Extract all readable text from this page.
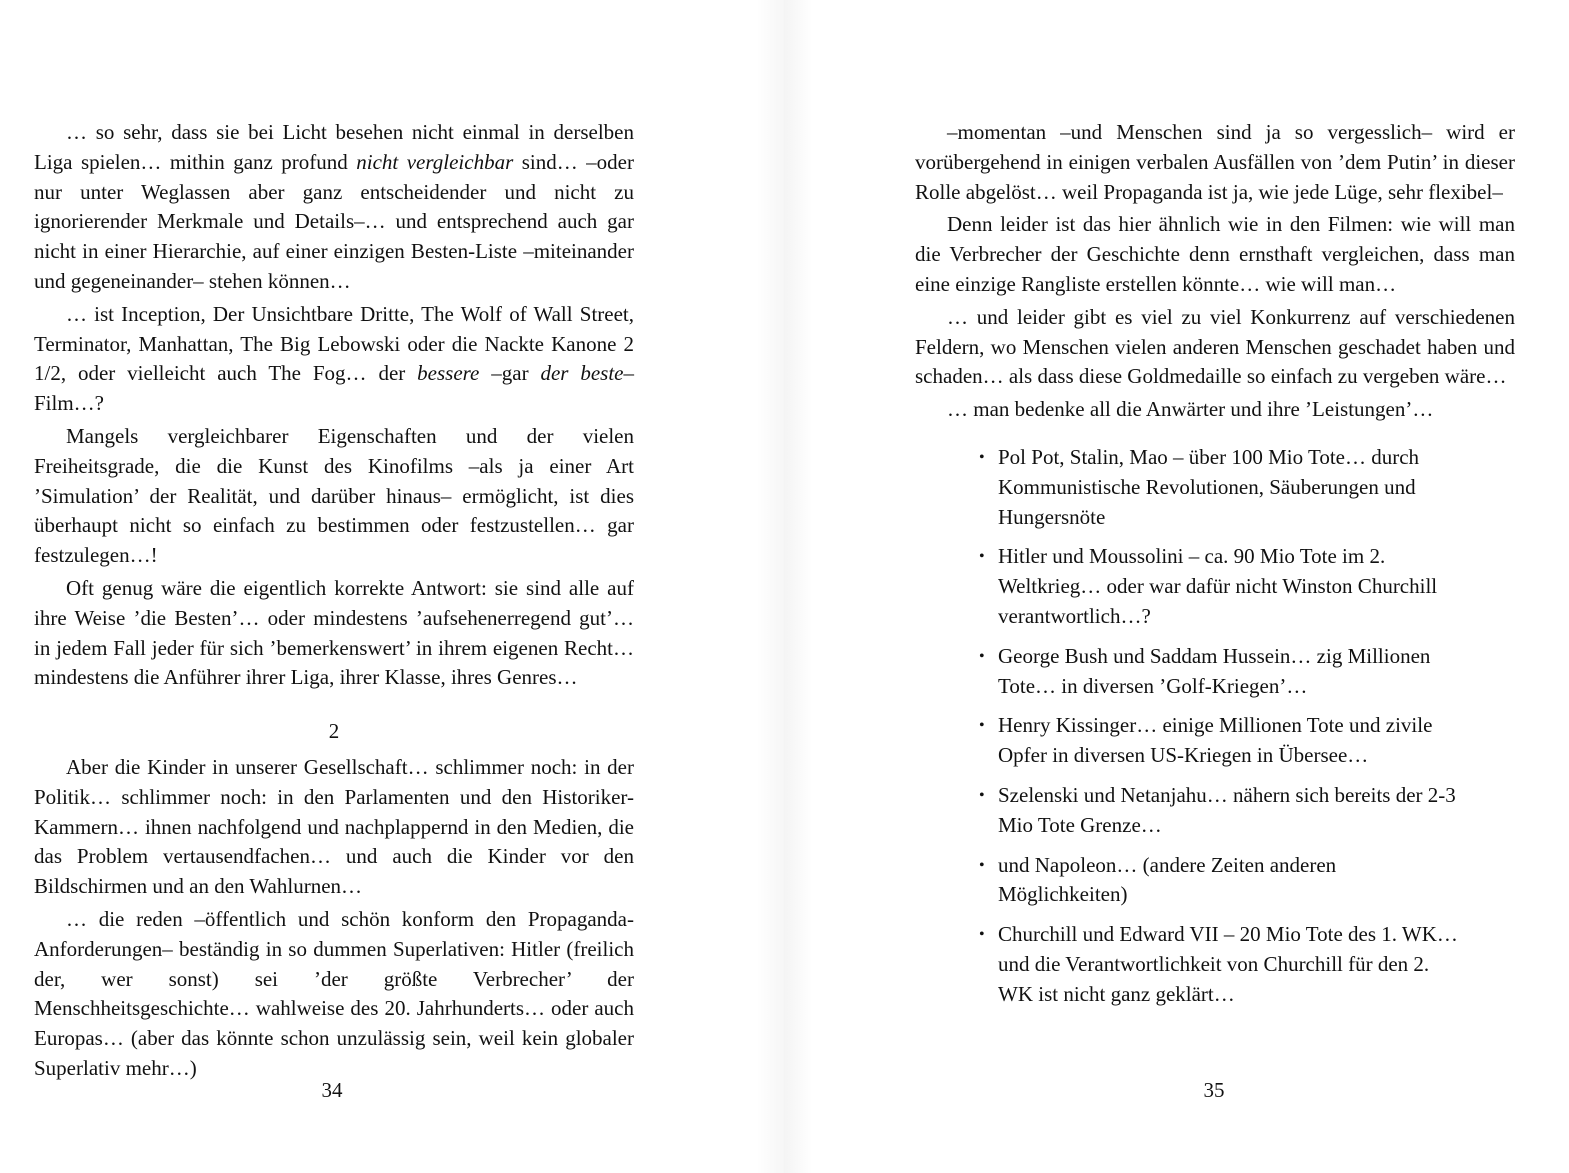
… so sehr, dass sie bei Licht besehen nicht einmal in derselben Liga spielen… mithin ganz profund nicht vergleichbar sind… –oder nur unter Weglassen aber ganz entscheidender und nicht zu ignorierender Merkmale und Details–… und entsprechend auch gar nicht in einer Hierarchie, auf einer einzigen Besten-Liste –miteinander und gegeneinander– stehen können…

… ist Inception, Der Unsichtbare Dritte, The Wolf of Wall Street, Terminator, Manhattan, The Big Lebowski oder die Nackte Kanone 2 1/2, oder vielleicht auch The Fog… der bessere –gar der beste– Film…?

Mangels vergleichbarer Eigenschaften und der vielen Freiheitsgrade, die die Kunst des Kinofilms –als ja einer Art ’Simulation’ der Realität, und darüber hinaus– ermöglicht, ist dies überhaupt nicht so einfach zu bestimmen oder festzustellen… gar festzulegen…!

Oft genug wäre die eigentlich korrekte Antwort: sie sind alle auf ihre Weise ’die Besten’… oder mindestens ’aufsehenerregend gut’… in jedem Fall jeder für sich ’bemerkenswert’ in ihrem eigenen Recht… mindestens die Anführer ihrer Liga, ihrer Klasse, ihres Genres…

2

Aber die Kinder in unserer Gesellschaft… schlimmer noch: in der Politik… schlimmer noch: in den Parlamenten und den Historiker-Kammern… ihnen nachfolgend und nachplappernd in den Medien, die das Problem vertausendfachen… und auch die Kinder vor den Bildschirmen und an den Wahlurnen…

… die reden –öffentlich und schön konform den Propaganda-Anforderungen– beständig in so dummen Superlativen: Hitler (freilich der, wer sonst) sei ’der größte Verbrecher’ der Menschheitsgeschichte… wahlweise des 20. Jahrhunderts… oder auch Europas… (aber das könnte schon unzulässig sein, weil kein globaler Superlativ mehr…)

34

–momentan –und Menschen sind ja so vergesslich– wird er vorübergehend in einigen verbalen Ausfällen von ’dem Putin’ in dieser Rolle abgelöst… weil Propaganda ist ja, wie jede Lüge, sehr flexibel–

Denn leider ist das hier ähnlich wie in den Filmen: wie will man die Verbrecher der Geschichte denn ernsthaft vergleichen, dass man eine einzige Rangliste erstellen könnte… wie will man…

… und leider gibt es viel zu viel Konkurrenz auf verschiedenen Feldern, wo Menschen vielen anderen Menschen geschadet haben und schaden… als dass diese Goldmedaille so einfach zu vergeben wäre…

… man bedenke all die Anwärter und ihre ’Leistungen’…

• Pol Pot, Stalin, Mao – über 100 Mio Tote… durch Kommunistische Revolutionen, Säuberungen und Hungersnöte
• Hitler und Moussolini – ca. 90 Mio Tote im 2. Weltkrieg… oder war dafür nicht Winston Churchill verantwortlich…?
• George Bush und Saddam Hussein… zig Millionen Tote… in diversen ’Golf-Kriegen’…
• Henry Kissinger… einige Millionen Tote und zivile Opfer in diversen US-Kriegen in Übersee…
• Szelenski und Netanjahu… nähern sich bereits der 2-3 Mio Tote Grenze…
• und Napoleon… (andere Zeiten anderen Möglichkeiten)
• Churchill und Edward VII – 20 Mio Tote des 1. WK… und die Verantwortlichkeit von Churchill für den 2. WK ist nicht ganz geklärt…
35
